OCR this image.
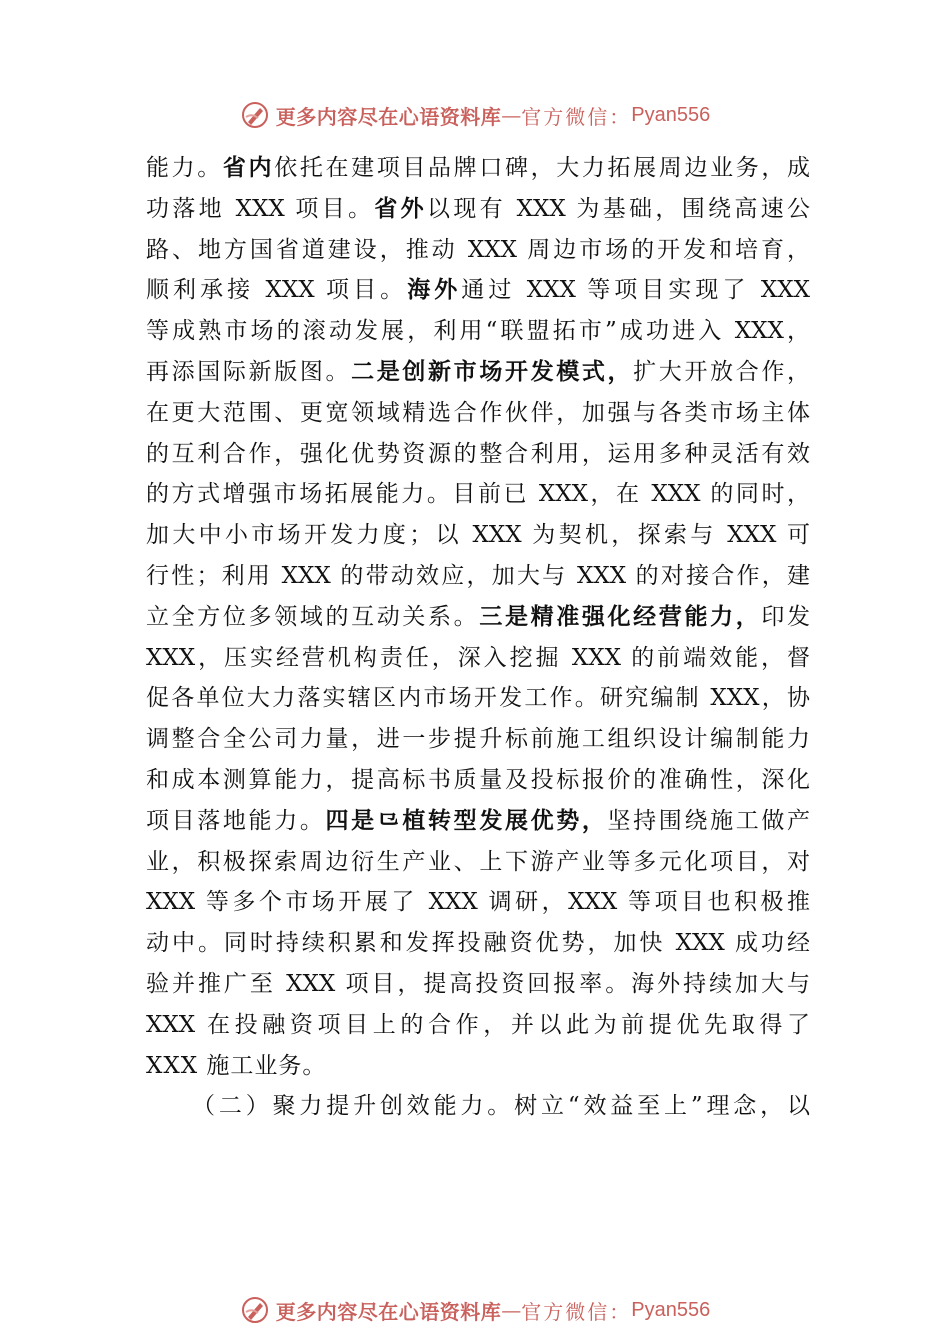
更多内容尽在心语资料库 — 官方微信： Pyan556
能力。省内依托在建项目品牌口碑，大力拓展周边业务，成
功落地 XXX 项目。省外以现有 XXX 为基础，围绕高速公
路、地方国省道建设，推动 XXX 周边市场的开发和培育，
顺利承接 XXX 项目。海外通过 XXX 等项目实现了 XXX
等成熟市场的滚动发展，利用“联盟拓市”成功进入 XXX，
再添国际新版图。二是创新市场开发模式，扩大开放合作，
在更大范围、更宽领域精选合作伙伴，加强与各类市场主体
的互利合作，强化优势资源的整合利用，运用多种灵活有效
的方式增强市场拓展能力。目前已 XXX，在 XXX 的同时，
加大中小市场开发力度；以 XXX 为契机，探索与 XXX 可
行性；利用 XXX 的带动效应，加大与 XXX 的对接合作，建
立全方位多领域的互动关系。三是精准强化经营能力，印发
XXX，压实经营机构责任，深入挖掘 XXX 的前端效能，督
促各单位大力落实辖区内市场开发工作。研究编制 XXX，协
调整合全公司力量，进一步提升标前施工组织设计编制能力
和成本测算能力，提高标书质量及投标报价的准确性，深化
项目落地能力。四是⺋植转型发展优势，坚持围绕施工做产
业，积极探索周边衍生产业、上下游产业等多元化项目，对
XXX 等多个市场开展了 XXX 调研，XXX 等项目也积极推
动中。同时持续积累和发挥投融资优势，加快 XXX 成功经
验并推广至 XXX 项目，提高投资回报率。海外持续加大与
XXX 在投融资项目上的合作，并以此为前提优先取得了
XXX 施工业务。
（二）聚力提升创效能力。树立“效益至上”理念，以
更多内容尽在心语资料库 — 官方微信： Pyan556
